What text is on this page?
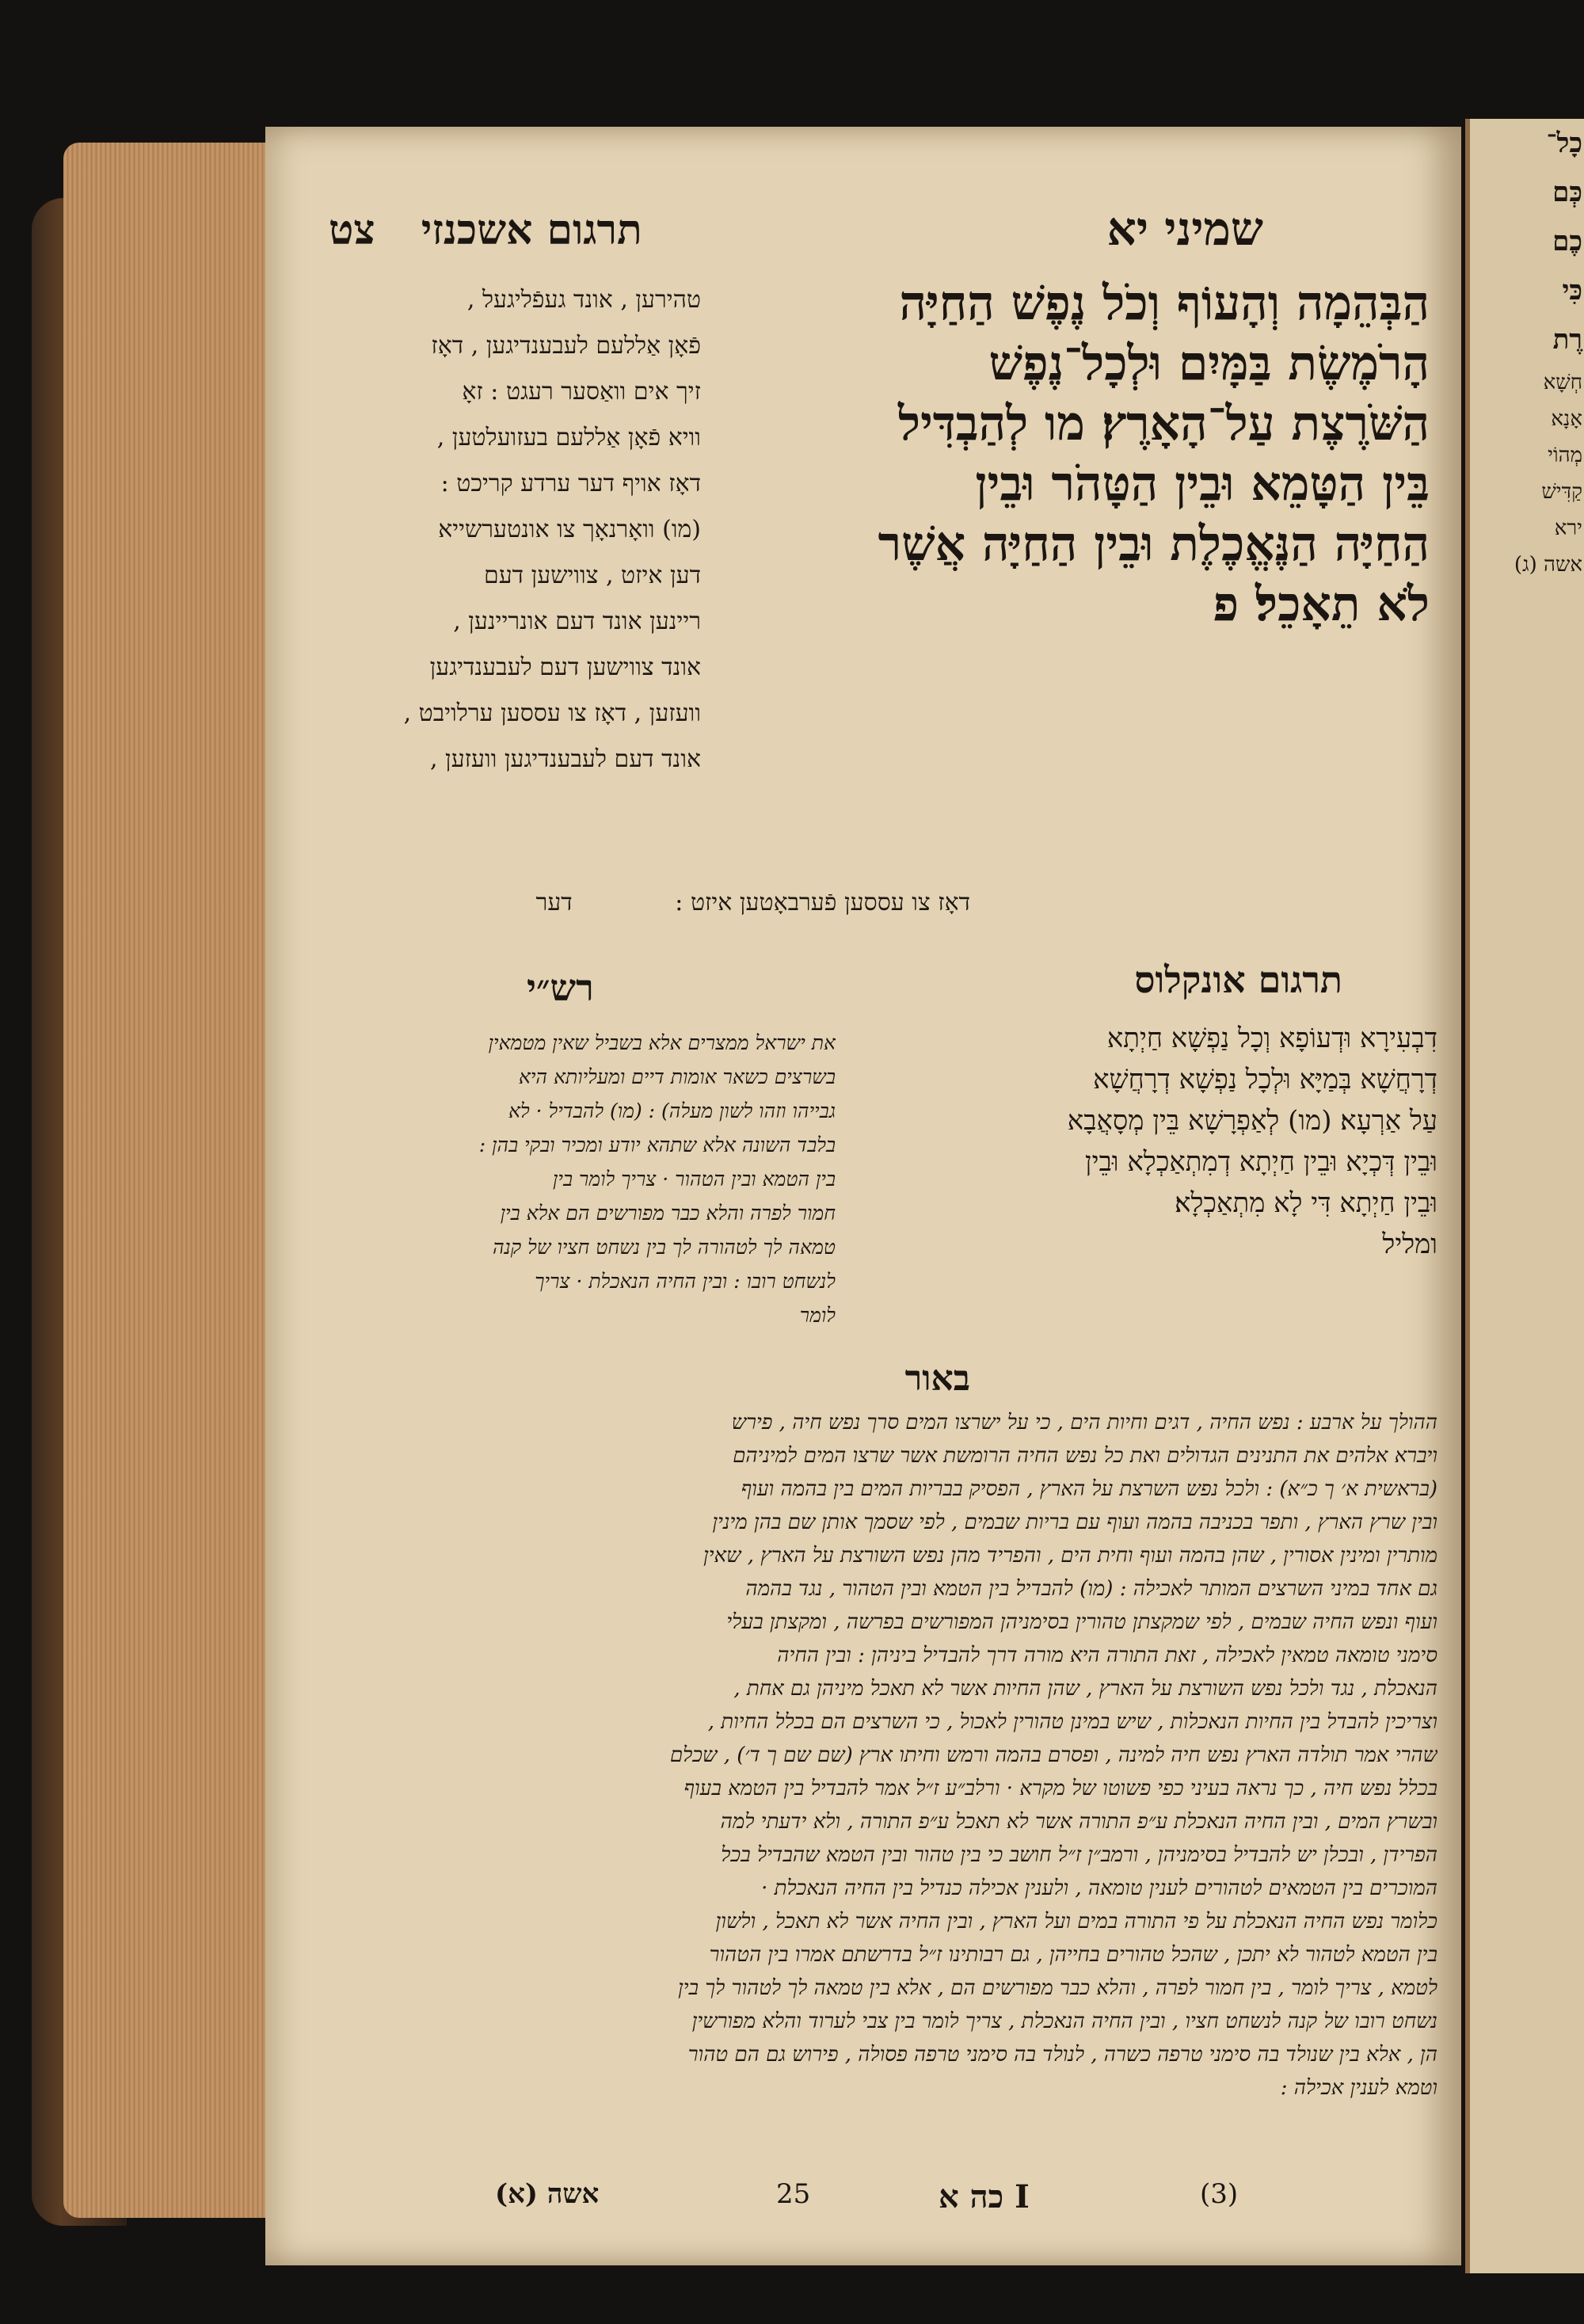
שמיני יא
תרגום אשכנזי צט
הַבְּהֵמָה וְהָעוֹף וְכֹל נֶפֶשׁ הַחַיָּה
הָרֹמֶשֶׂת בַּמָּיִם וּלְכָל־נֶפֶשׁ
הַשֹּׁרֶצֶת עַל־הָאָרֶץ׃ מו לְהַבְדִּיל
בֵּין הַטָּמֵא וּבֵין הַטָּהֹר וּבֵין
הַחַיָּה הַנֶּאֱכֶלֶת וּבֵין הַחַיָּה אֲשֶׁר
לֹא תֵאָכֵל׃ פ
טהירען , אונד געפֿליגעל ,
פֿאָן אַללעם לעבענדיגען , דאָז
זיך אים וואַסער רעגט : זאָ
וויא פֿאָן אַללעם בעזועלטען ,
דאָז אויף דער ערדע קריכט :
(מו) וואָרנאָך צו אונטערשייא
דען איזט , צווישען דעם
ריינען אונד דעם אונריינען ,
אונד צווישען דעם לעבענדיגען
וועזען , דאָז צו עססען ערלויבט ,
אונד דעם לעבענדיגען וועזען ,
דאָז צו עססען פֿערבאָטען איזט : דער
תרגום אונקלוס
רש״י
דִבְעִירָא וּדְעוֹפָא וְכָל נַפְשָׁא חַיְתָא
דְרָחֲשָׁא בְּמַיָּא וּלְכָל נַפְשָׁא דְרָחֲשָׁא
עַל אַרְעָא׃ (מו) לְאַפְרָשָׁא בֵּין מְסָאֲבָא
וּבֵין דְּכְיָא וּבֵין חַיְתָא דְמִתְאַכְלָא וּבֵין
וּבֵין חַיְתָא דִּי לָא מִתְאַכְלָא׃
ומליל
את ישראל ממצרים אלא בשביל שאין מטמאין
בשרצים כשאר אומות דיים ומעליותא היא
גבייהו וזהו לשון מעלה) : (מו) להבדיל · לא
בלבד השונה אלא שתהא יודע ומכיר ובקי בהן :
בין הטמא ובין הטהור · צריך לומר בין
חמור לפרה והלא כבר מפורשים הם אלא בין
טמאה לך לטהורה לך בין נשחט חציו של קנה
לנשחט רובו : ובין החיה הנאכלת · צריך
לומר
באור
ההולך על ארבע : נפש החיה , דגים וחיות הים , כי על ישרצו המים סרך נפש חיה , פירש
ויברא אלהים את התנינים הגדולים ואת כל נפש החיה הרומשת אשר שרצו המים למיניהם
(בראשית א׳ ך כ״א) : ולכל נפש השרצת על הארץ , הפסיק בבריות המים בין בהמה ועוף
ובין שרץ הארץ , ותפר בכניבה בהמה ועוף עם בריות שבמים , לפי שסמך אותן שם בהן מינין
מותרין ומינין אסורין , שהן בהמה ועוף וחית הים , והפריד מהן נפש השורצת על הארץ , שאין
גם אחד במיני השרצים המותר לאכילה : (מו) להבדיל בין הטמא ובין הטהור , נגד בהמה
ועוף ונפש החיה שבמים , לפי שמקצתן טהורין בסימניהן המפורשים בפרשה , ומקצתן בעלי
סימני טומאה טמאין לאכילה , זאת התורה היא מורה דרך להבדיל ביניהן : ובין החיה
הנאכלת , נגד ולכל נפש השורצת על הארץ , שהן החיות אשר לא תאכל מיניהן גם אחת ,
וצריכין להבדל בין החיות הנאכלות , שיש במינן טהורין לאכול , כי השרצים הם בכלל החיות ,
שהרי אמר תולדה הארץ נפש חיה למינה , ופסרם בהמה ורמש וחיתו ארץ (שם שם ך ד׳) , שכלם
בכלל נפש חיה , כך נראה בעיני כפי פשוטו של מקרא · ורלב״ע ז״ל אמר להבדיל בין הטמא בעוף
ובשרץ המים , ובין החיה הנאכלת ע״פ התורה אשר לא תאכל ע״פ התורה , ולא ידעתי למה
הפרידן , ובכלן יש להבדיל בסימניהן , ורמב״ן ז״ל חושב כי בין טהור ובין הטמא שהבדיל בכל
המוכרים בין הטמאים לטהורים לענין טומאה , ולענין אכילה כנדיל בין החיה הנאכלת ·
כלומר נפש החיה הנאכלת על פי התורה במים ועל הארץ , ובין החיה אשר לא תאכל , ולשון
בין הטמא לטהור לא יתכן , שהכל טהורים בחייהן , גם רבותינו ז״ל בדרשתם אמרו בין הטהור
לטמא , צריך לומר , בין חמור לפרה , והלא כבר מפורשים הם , אלא בין טמאה לך לטהור לך בין
נשחט רובו של קנה לנשחט חציו , ובין החיה הנאכלת , צריך לומר בין צבי לערוד והלא מפורשין
הן , אלא בין שנולד בה סימני טרפה כשרה , לנולד בה סימני טרפה פסולה , פירוש גם הם טהור
וטמא לענין אכילה :
אשה (א)	25	I כה א	(3)
כָל־
כְּם
כֶם
כִּי
רֶת
חְשָׁא
אָנָא
מְהוֹי
קַדִּישׁ
ירא
אשה (ג)
